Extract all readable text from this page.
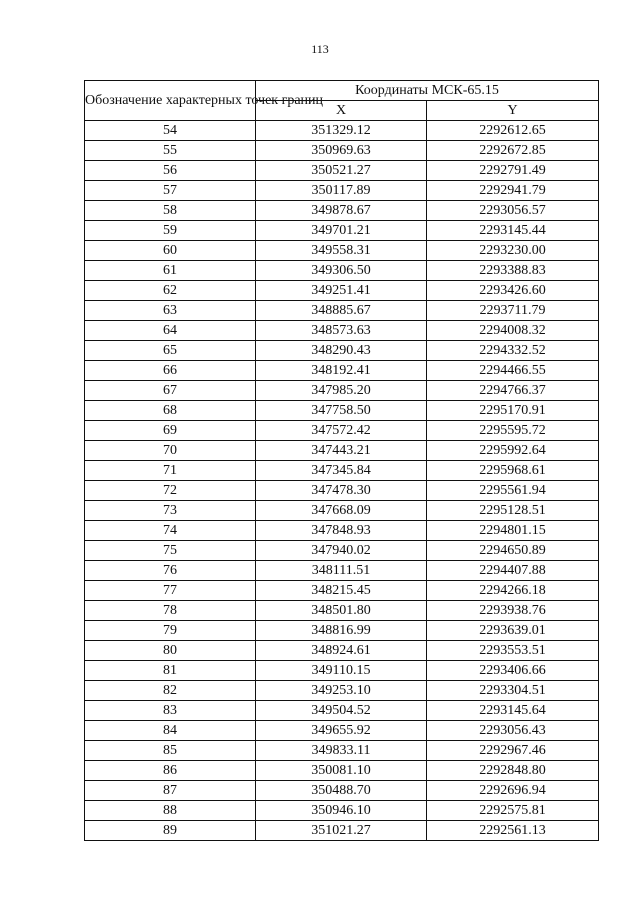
113
Обозначение характерных точек границ	Координаты МСК-65.15	
	X	Y
54	351329.12	2292612.65
55	350969.63	2292672.85
56	350521.27	2292791.49
57	350117.89	2292941.79
58	349878.67	2293056.57
59	349701.21	2293145.44
60	349558.31	2293230.00
61	349306.50	2293388.83
62	349251.41	2293426.60
63	348885.67	2293711.79
64	348573.63	2294008.32
65	348290.43	2294332.52
66	348192.41	2294466.55
67	347985.20	2294766.37
68	347758.50	2295170.91
69	347572.42	2295595.72
70	347443.21	2295992.64
71	347345.84	2295968.61
72	347478.30	2295561.94
73	347668.09	2295128.51
74	347848.93	2294801.15
75	347940.02	2294650.89
76	348111.51	2294407.88
77	348215.45	2294266.18
78	348501.80	2293938.76
79	348816.99	2293639.01
80	348924.61	2293553.51
81	349110.15	2293406.66
82	349253.10	2293304.51
83	349504.52	2293145.64
84	349655.92	2293056.43
85	349833.11	2292967.46
86	350081.10	2292848.80
87	350488.70	2292696.94
88	350946.10	2292575.81
89	351021.27	2292561.13
